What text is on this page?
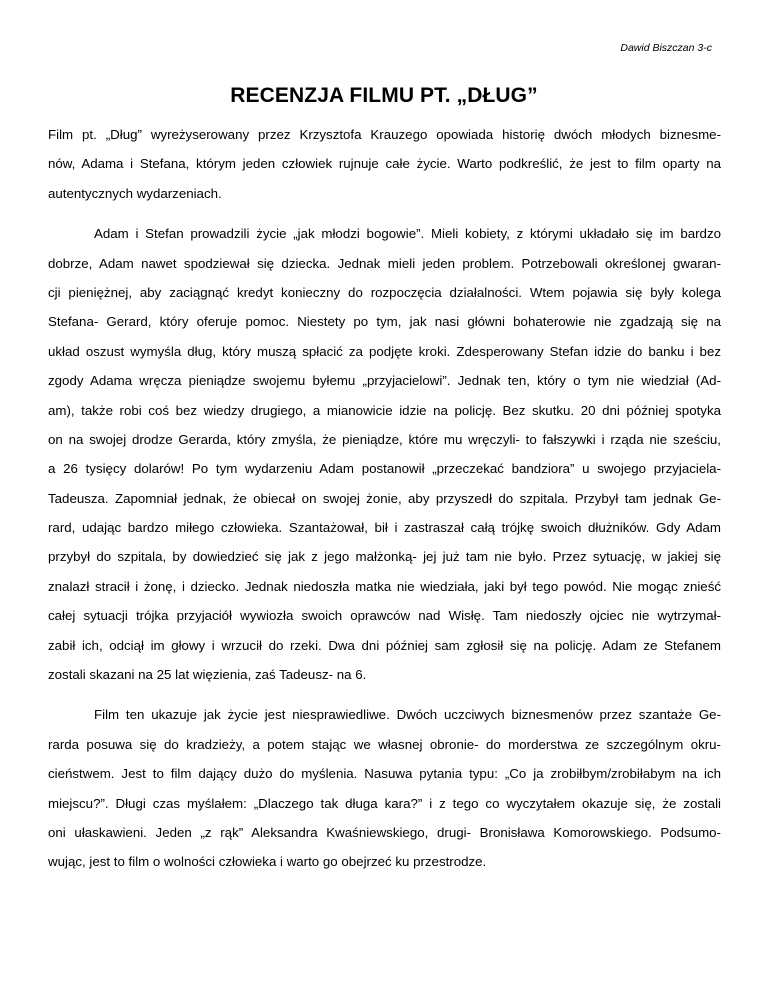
Dawid Biszczan 3-c
RECENZJA FILMU PT. „DŁUG”
Film pt. „Dług” wyreżyserowany przez Krzysztofa Krauzego opowiada historię dwóch młodych biznesme-
nów, Adama i Stefana, którym jeden człowiek rujnuje całe życie. Warto podkreślić, że jest to film oparty na
autentycznych wydarzeniach.
Adam i Stefan prowadzili życie „jak młodzi bogowie”. Mieli kobiety, z którymi układało się im bardzo
dobrze, Adam nawet spodziewał się dziecka. Jednak mieli jeden problem. Potrzebowali określonej gwaran-
cji pieniężnej, aby zaciągnąć kredyt konieczny do rozpoczęcia działalności. Wtem pojawia się były kolega
Stefana- Gerard, który oferuje pomoc. Niestety po tym, jak nasi główni bohaterowie nie zgadzają się na
układ oszust wymyśla dług, który muszą spłacić za podjęte kroki. Zdesperowany Stefan idzie do banku i bez
zgody Adama wręcza pieniądze swojemu byłemu „przyjacielowi”. Jednak ten, który o tym nie wiedział (Ad-
am), także robi coś bez wiedzy drugiego, a mianowicie idzie na policję. Bez skutku. 20 dni później spotyka
on na swojej drodze Gerarda, który zmyśla, że pieniądze, które mu wręczyli- to fałszywki i rząda nie sześciu,
a 26 tysięcy dolarów! Po tym wydarzeniu Adam postanowił „przeczekać bandziora” u swojego przyjaciela-
Tadeusza. Zapomniał jednak, że obiecał on swojej żonie, aby przyszedł do szpitala. Przybył tam jednak Ge-
rard, udając bardzo miłego człowieka. Szantażował, bił i zastraszał całą trójkę swoich dłużników. Gdy Adam
przybył do szpitala, by dowiedzieć się jak z jego małżonką- jej już tam nie było. Przez sytuację, w jakiej się
znalazł stracił i żonę, i dziecko. Jednak niedoszła matka nie wiedziała, jaki był tego powód. Nie mogąc znieść
całej sytuacji trójka przyjaciół wywiozła swoich oprawców nad Wisłę. Tam niedoszły ojciec nie wytrzymał-
zabił ich, odciął im głowy i wrzucił do rzeki. Dwa dni później sam zgłosił się na policję. Adam ze Stefanem
zostali skazani na 25 lat więzienia, zaś Tadeusz- na 6.
Film ten ukazuje jak życie jest niesprawiedliwe. Dwóch uczciwych biznesmenów przez szantaże Ge-
rarda posuwa się do kradzieży, a potem stając we własnej obronie- do morderstwa ze szczególnym okru-
cieństwem. Jest to film dający dużo do myślenia. Nasuwa pytania typu: „Co ja zrobiłbym/zrobiłabym na ich
miejscu?”. Długi czas myślałem: „Dlaczego tak długa kara?” i z tego co wyczytałem okazuje się, że zostali
oni ułaskawieni. Jeden „z rąk” Aleksandra Kwaśniewskiego, drugi- Bronisława Komorowskiego. Podsumo-
wując, jest to film o wolności człowieka i warto go obejrzeć ku przestrodze.
